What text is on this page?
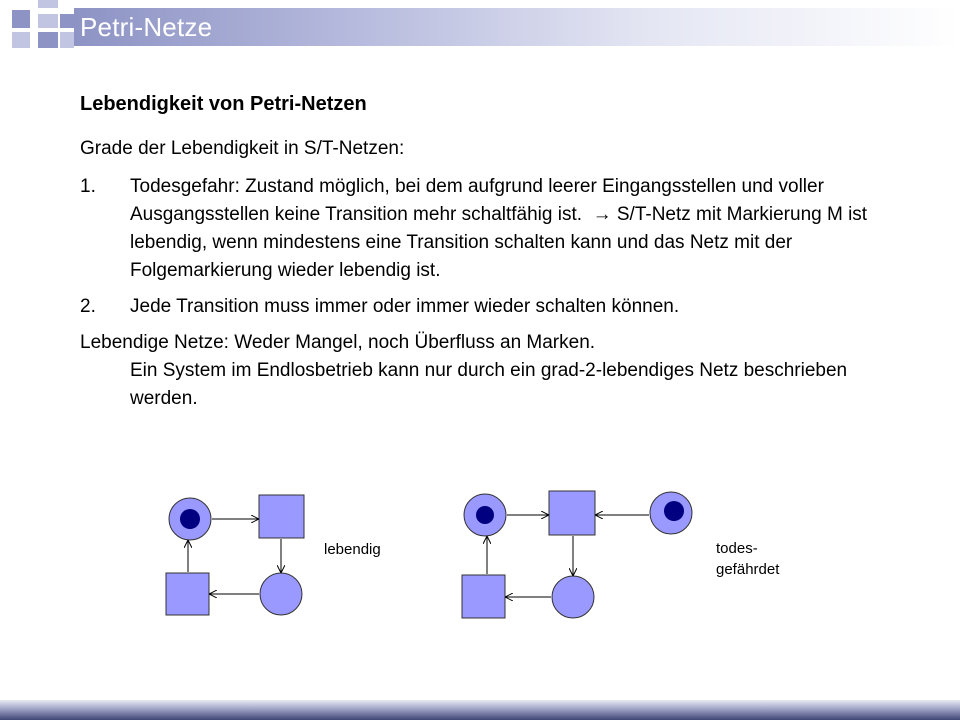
Petri-Netze
Lebendigkeit von Petri-Netzen
Grade der Lebendigkeit in S/T-Netzen:
1. Todesgefahr: Zustand möglich, bei dem aufgrund leerer Eingangsstellen und voller Ausgangsstellen keine Transition mehr schaltfähig ist. → S/T-Netz mit Markierung M ist lebendig, wenn mindestens eine Transition schalten kann und das Netz mit der Folgemarkierung wieder lebendig ist.
2. Jede Transition muss immer oder immer wieder schalten können.
Lebendige Netze: Weder Mangel, noch Überfluss an Marken.
Ein System im Endlosbetrieb kann nur durch ein grad-2-lebendiges Netz beschrieben werden.
lebendig	todes-
gefährdet
